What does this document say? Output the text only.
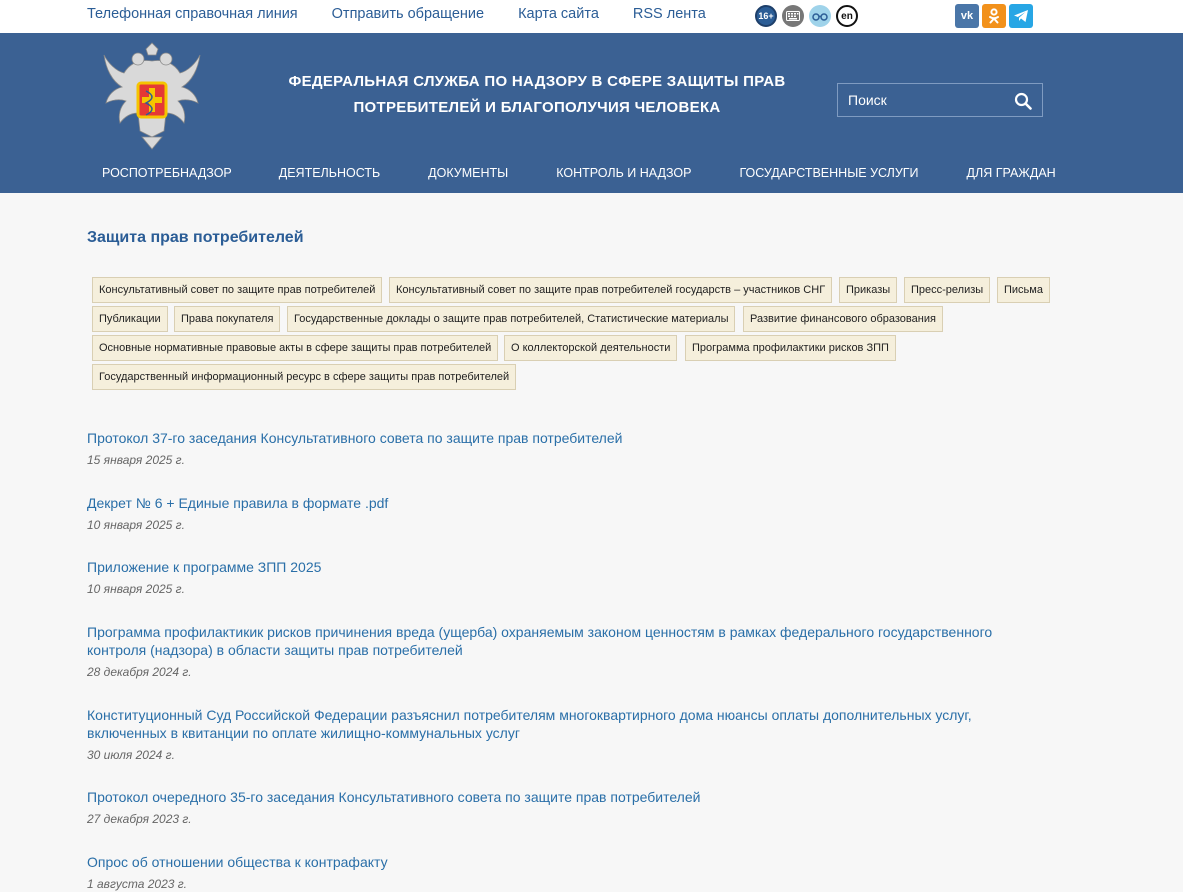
Телефонная справочная линия Отправить обращение Карта сайта RSS лента	16+	en	vk
ФЕДЕРАЛЬНАЯ СЛУЖБА ПО НАДЗОРУ В СФЕРЕ ЗАЩИТЫ ПРАВ
ПОТРЕБИТЕЛЕЙ И БЛАГОПОЛУЧИЯ ЧЕЛОВЕКА
Поиск
РОСПОТРЕБНАДЗОР	ДЕЯТЕЛЬНОСТЬ	ДОКУМЕНТЫ	КОНТРОЛЬ И НАДЗОР	ГОСУДАРСТВЕННЫЕ УСЛУГИ	ДЛЯ ГРАЖДАН
Защита прав потребителей
Консультативный совет по защите прав потребителей	Консультативный совет по защите прав потребителей государств – участников СНГ	Приказы	Пресс-релизы	Письма
Публикации	Права покупателя	Государственные доклады о защите прав потребителей, Статистические материалы	Развитие финансового образования
Основные нормативные правовые акты в сфере защиты прав потребителей	О коллекторской деятельности	Программа профилактики рисков ЗПП
Государственный информационный ресурс в сфере защиты прав потребителей
Протокол 37-го заседания Консультативного совета по защите прав потребителей
15 января 2025 г.
Декрет № 6 + Единые правила в формате .pdf
10 января 2025 г.
Приложение к программе ЗПП 2025
10 января 2025 г.
Программа профилактикик рисков причинения вреда (ущерба) охраняемым законом ценностям в рамках федерального государственного контроля (надзора) в области защиты прав потребителей
28 декабря 2024 г.
Конституционный Суд Российской Федерации разъяснил потребителям многоквартирного дома нюансы оплаты дополнительных услуг, включенных в квитанции по оплате жилищно-коммунальных услуг
30 июля 2024 г.
Протокол очередного 35-го заседания Консультативного совета по защите прав потребителей
27 декабря 2023 г.
Опрос об отношении общества к контрафакту
1 августа 2023 г.
